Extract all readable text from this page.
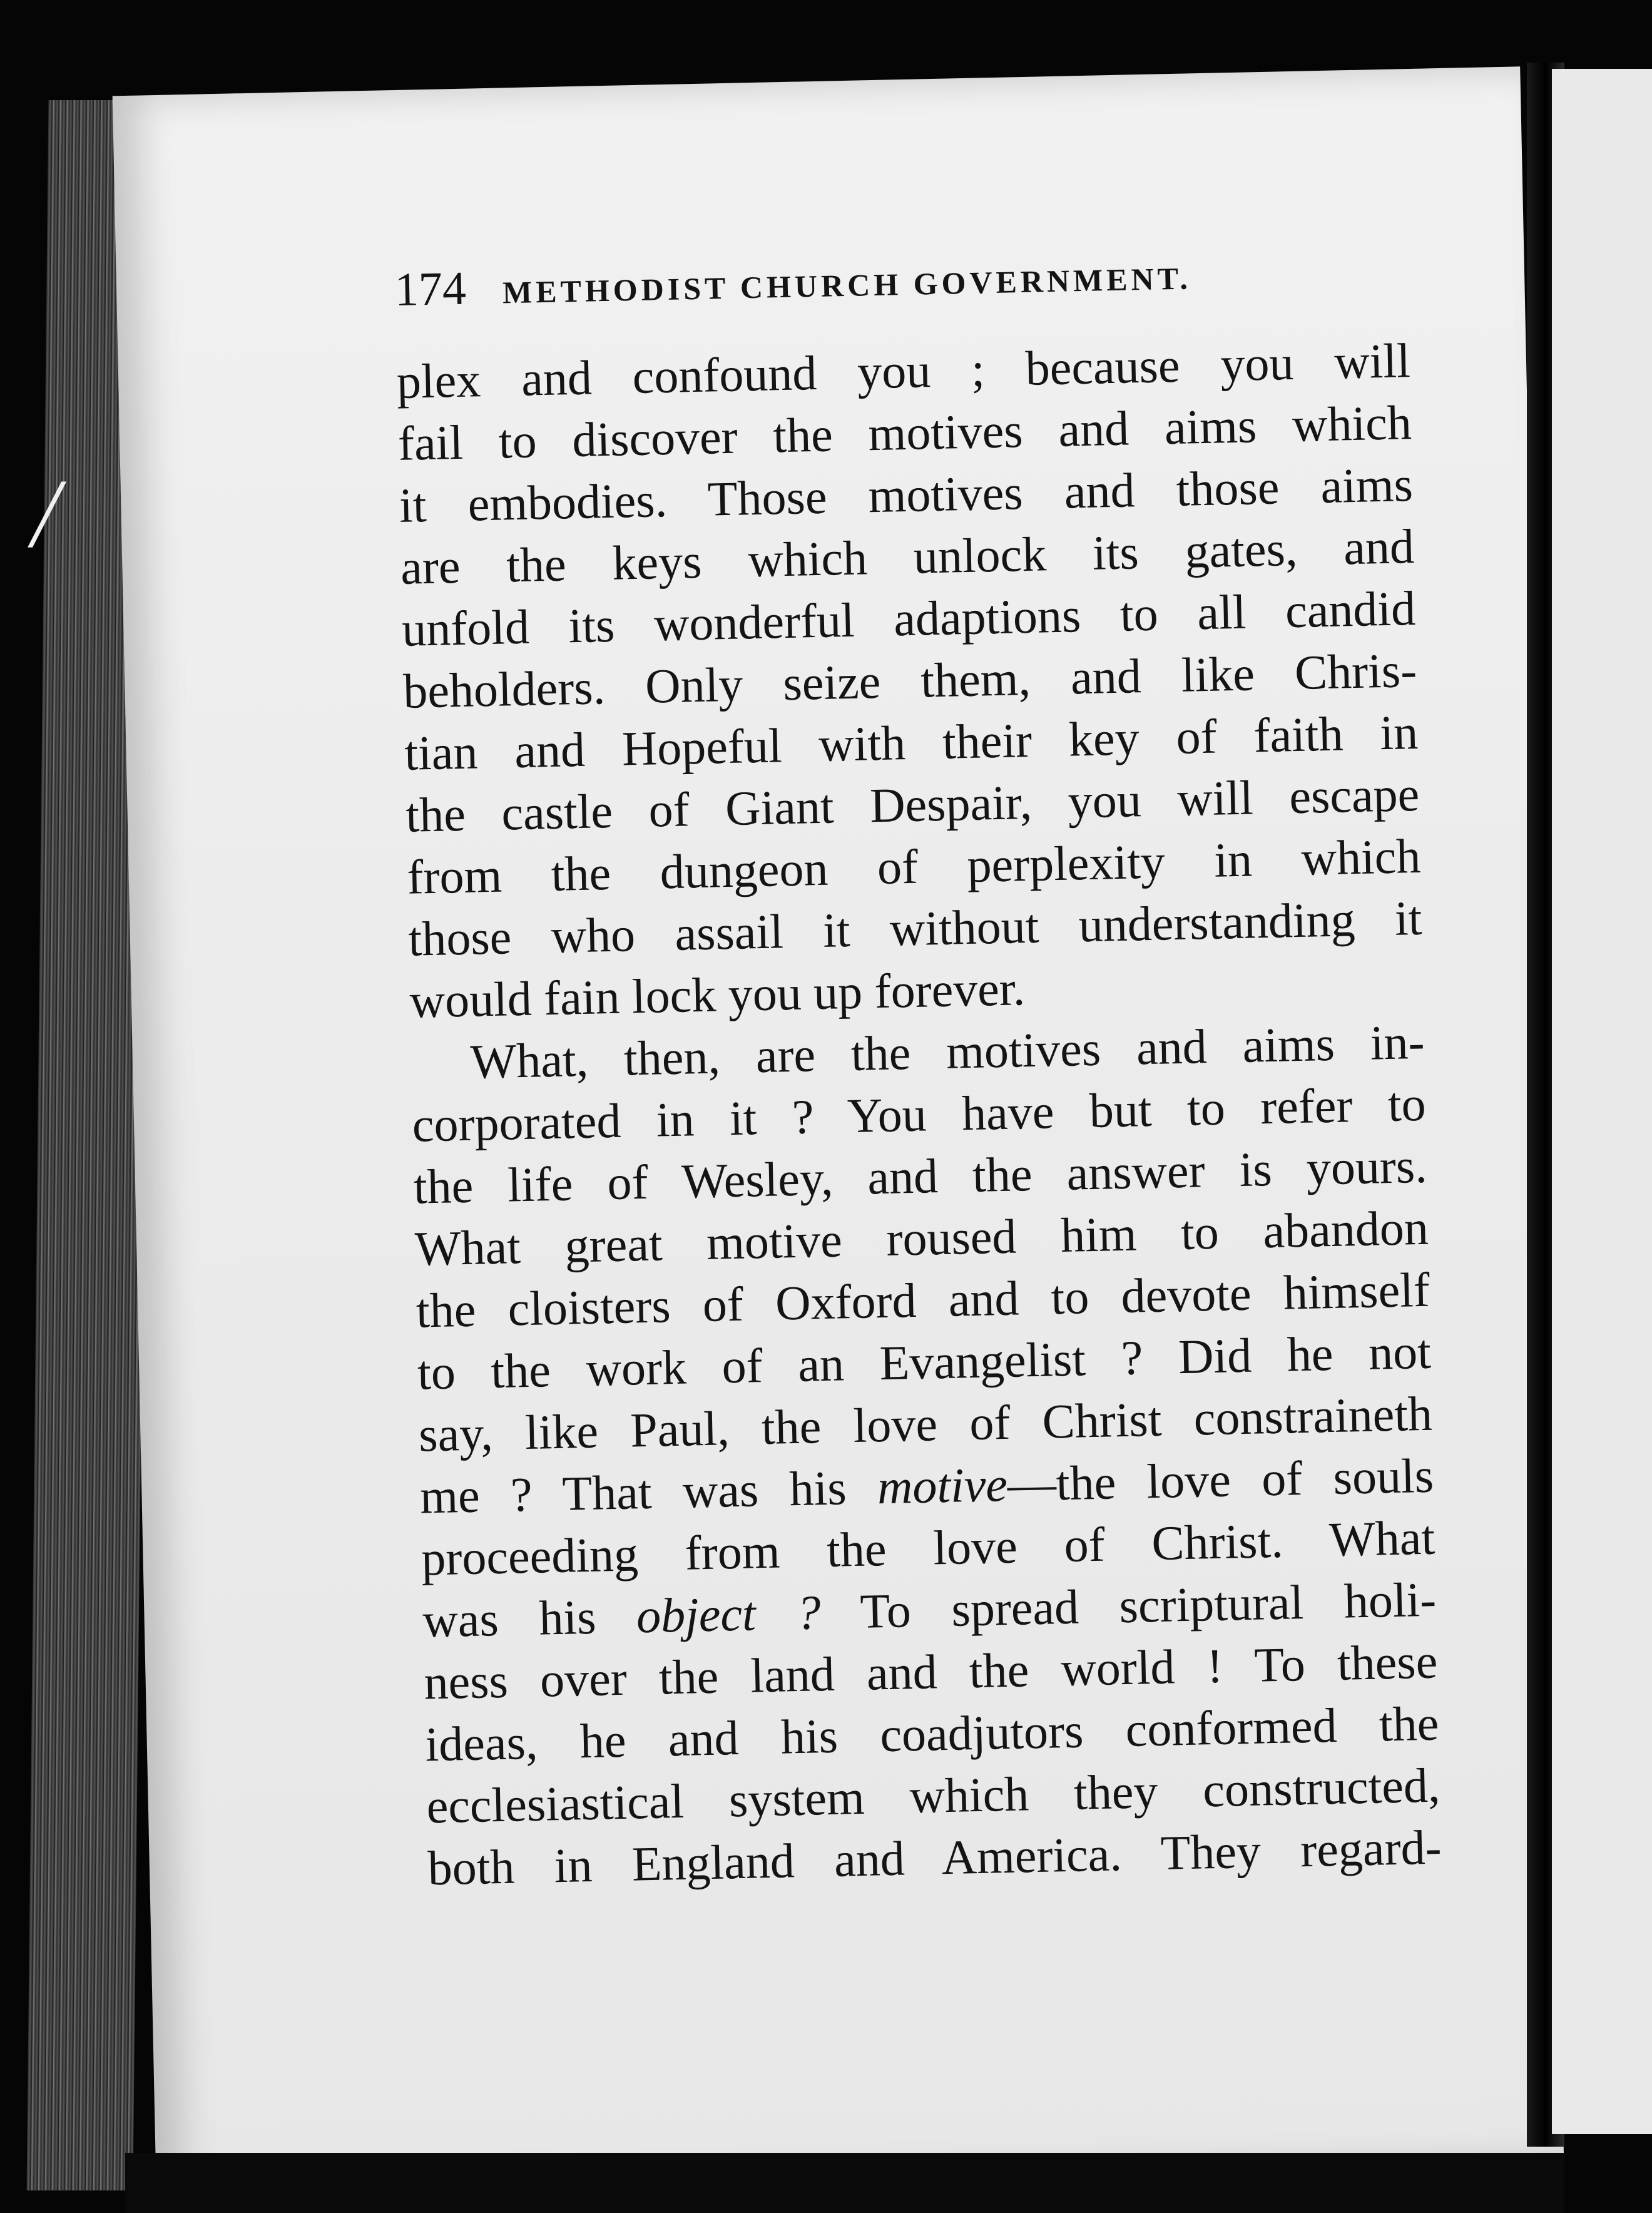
174 METHODIST CHURCH GOVERNMENT.
plex and confound you ; because you will
fail to discover the motives and aims which
it embodies. Those motives and those aims
are the keys which unlock its gates, and
unfold its wonderful adaptions to all candid
beholders. Only seize them, and like Chris-
tian and Hopeful with their key of faith in
the castle of Giant Despair, you will escape
from the dungeon of perplexity in which
those who assail it without understanding it
would fain lock you up forever.
What, then, are the motives and aims in-
corporated in it ? You have but to refer to
the life of Wesley, and the answer is yours.
What great motive roused him to abandon
the cloisters of Oxford and to devote himself
to the work of an Evangelist ? Did he not
say, like Paul, the love of Christ constraineth
me ? That was his motive—the love of souls
proceeding from the love of Christ. What
was his object ? To spread scriptural holi-
ness over the land and the world ! To these
ideas, he and his coadjutors conformed the
ecclesiastical system which they constructed,
both in England and America. They regard-
╱
